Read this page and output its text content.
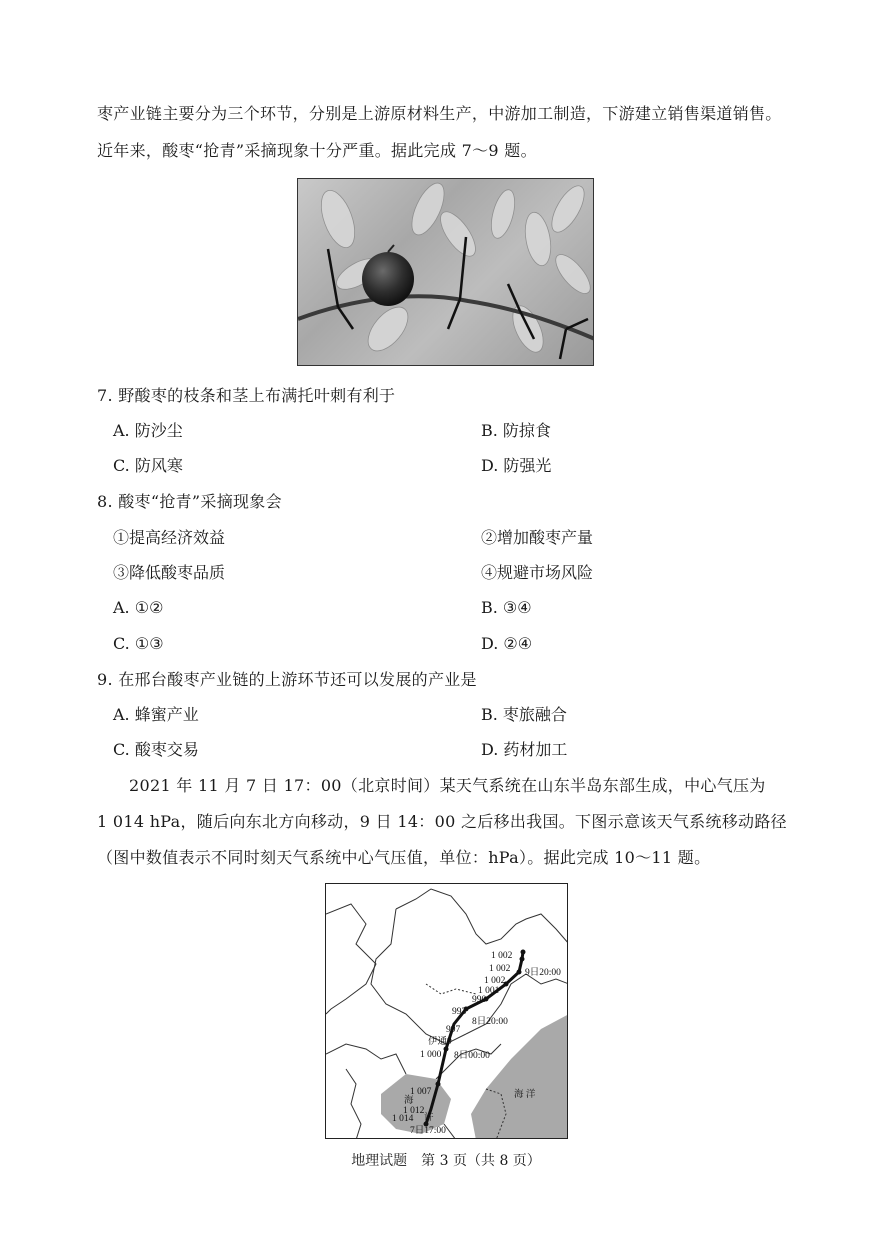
枣产业链主要分为三个环节，分别是上游原材料生产，中游加工制造，下游建立销售渠道销售。
近年来，酸枣“抢青”采摘现象十分严重。据此完成 7～9 题。
7. 野酸枣的枝条和茎上布满托叶刺有利于
A. 防沙尘	B. 防掠食
C. 防风寒	D. 防强光
8. 酸枣“抢青”采摘现象会
①提高经济效益	②增加酸枣产量
③降低酸枣品质	④规避市场风险
A. ①②	B. ③④
C. ①③	D. ②④
9. 在邢台酸枣产业链的上游环节还可以发展的产业是
A. 蜂蜜产业	B. 枣旅融合
C. 酸枣交易	D. 药材加工
2021 年 11 月 7 日 17：00（北京时间）某天气系统在山东半岛东部生成，中心气压为
1 014 hPa，随后向东北方向移动，9 日 14：00 之后移出我国。下图示意该天气系统移动路径
（图中数值表示不同时刻天气系统中心气压值，单位：hPa）。据此完成 10～11 题。
1 002
1 002
1 002
1 001
990
993
997
1 000
1 007
1 012
1 014
9日20:00
8日20:00
8日00:00
7日17:00
伊通9
海
许
海 洋
地理试题　第 3 页（共 8 页）
